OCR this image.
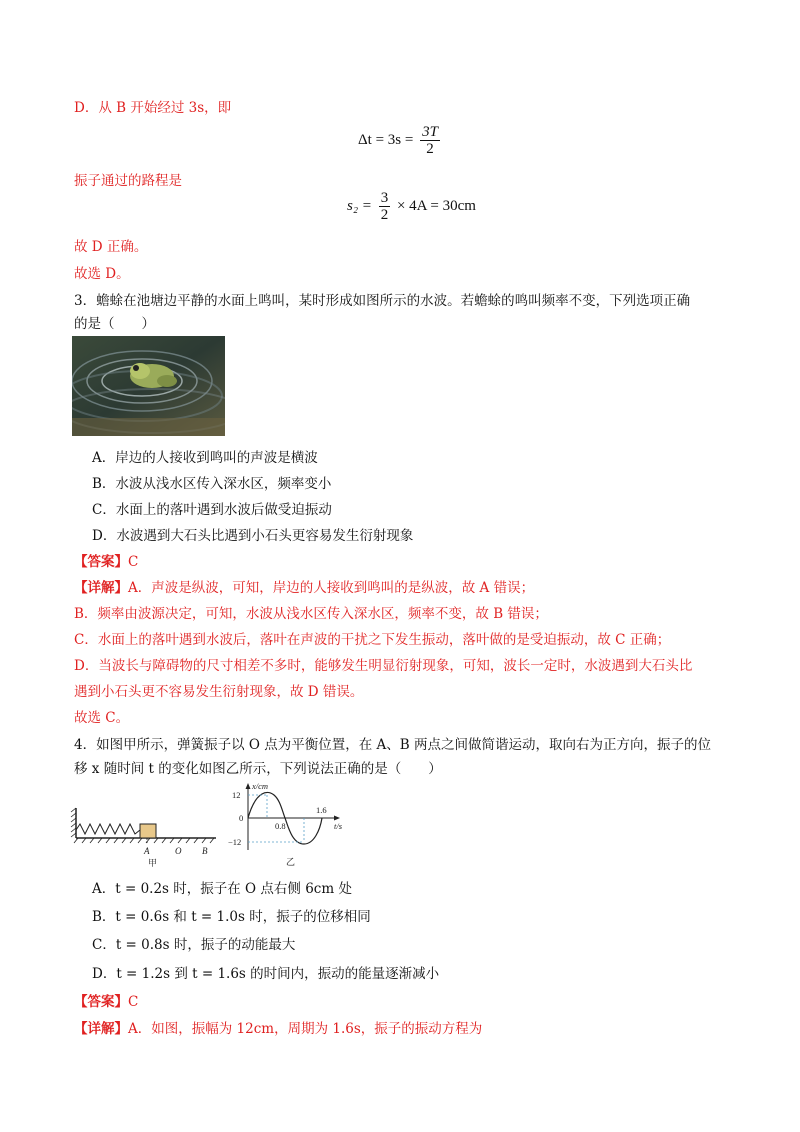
D．从 B 开始经过 3s，即
$\Delta t = 3s = \frac{3T}{2}$
振子通过的路程是
$s_2 = \frac{3}{2} \times 4A = 30cm$
故 D 正确。
故选 D。
3．蟾蜍在池塘边平静的水面上鸣叫，某时形成如图所示的水波。若蟾蜍的鸣叫频率不变，下列选项正确
的是（　　）
A．岸边的人接收到鸣叫的声波是横波
B．水波从浅水区传入深水区，频率变小
C．水面上的落叶遇到水波后做受迫振动
D．水波遇到大石头比遇到小石头更容易发生衍射现象
【答案】C
【详解】A．声波是纵波，可知，岸边的人接收到鸣叫的是纵波，故 A 错误；
B．频率由波源决定，可知，水波从浅水区传入深水区，频率不变，故 B 错误；
C．水面上的落叶遇到水波后，落叶在声波的干扰之下发生振动，落叶做的是受迫振动，故 C 正确；
D．当波长与障碍物的尺寸相差不多时，能够发生明显衍射现象，可知，波长一定时，水波遇到大石头比
遇到小石头更不容易发生衍射现象，故 D 错误。
故选 C。
4．如图甲所示，弹簧振子以 O 点为平衡位置，在 A、B 两点之间做简谐运动，取向右为正方向，振子的位
移 x 随时间 t 的变化如图乙所示，下列说法正确的是（　　）
A	O B
甲
x/cm
12
0
−12
0.8
1.6
t/s
乙
A．t = 0.2s 时，振子在 O 点右侧 6cm 处
B．t = 0.6s 和 t = 1.0s 时，振子的位移相同
C．t = 0.8s 时，振子的动能最大
D．t = 1.2s 到 t = 1.6s 的时间内，振动的能量逐渐减小
【答案】C
【详解】A．如图，振幅为 12cm，周期为 1.6s，振子的振动方程为
